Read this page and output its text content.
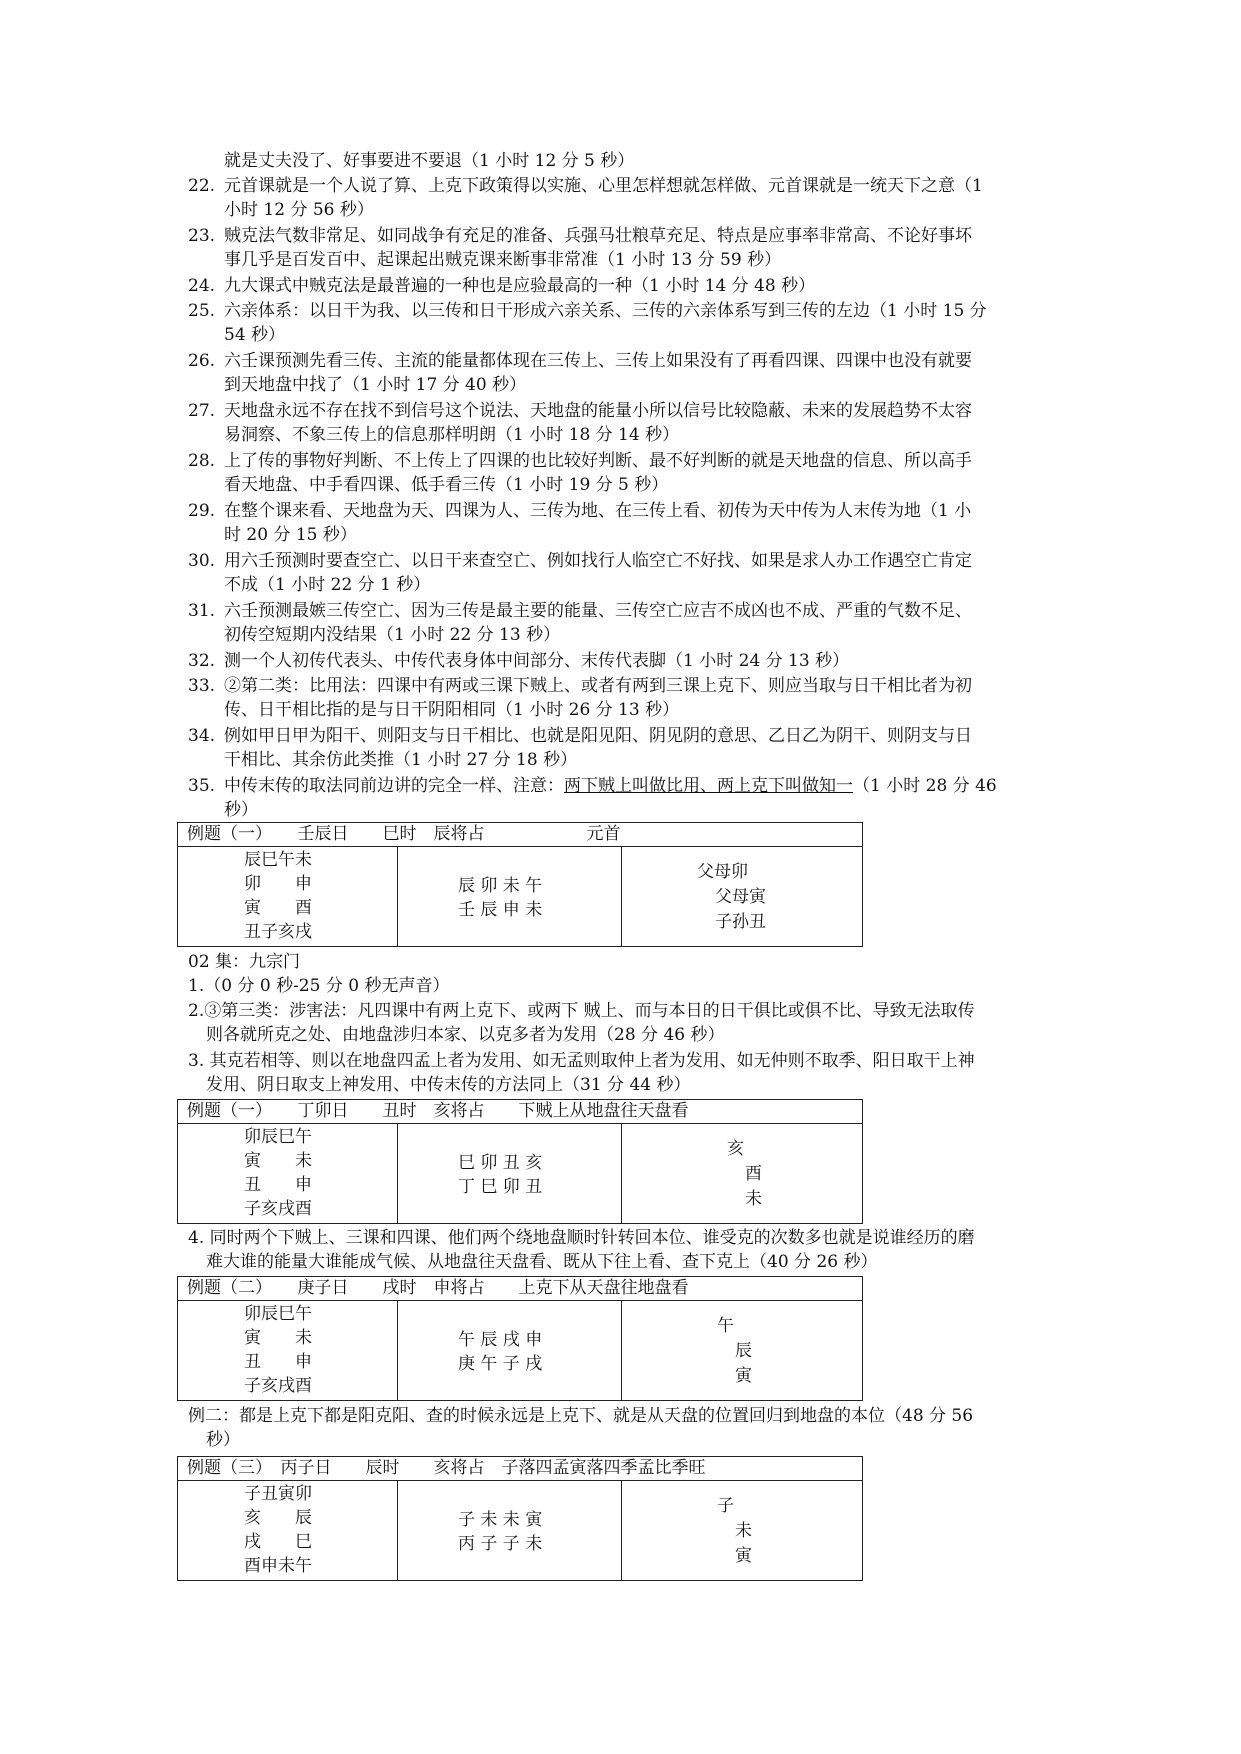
就是丈夫没了、好事要进不要退（1 小时 12 分 5 秒）
22. 元首课就是一个人说了算、上克下政策得以实施、心里怎样想就怎样做、元首课就是一统天下之意（1
小时 12 分 56 秒）
23. 贼克法气数非常足、如同战争有充足的准备、兵强马壮粮草充足、特点是应事率非常高、不论好事坏
事几乎是百发百中、起课起出贼克课来断事非常准（1 小时 13 分 59 秒）
24. 九大课式中贼克法是最普遍的一种也是应验最高的一种（1 小时 14 分 48 秒）
25. 六亲体系：以日干为我、以三传和日干形成六亲关系、三传的六亲体系写到三传的左边（1 小时 15 分
54 秒）
26. 六壬课预测先看三传、主流的能量都体现在三传上、三传上如果没有了再看四课、四课中也没有就要
到天地盘中找了（1 小时 17 分 40 秒）
27. 天地盘永远不存在找不到信号这个说法、天地盘的能量小所以信号比较隐蔽、未来的发展趋势不太容
易洞察、不象三传上的信息那样明朗（1 小时 18 分 14 秒）
28. 上了传的事物好判断、不上传上了四课的也比较好判断、最不好判断的就是天地盘的信息、所以高手
看天地盘、中手看四课、低手看三传（1 小时 19 分 5 秒）
29. 在整个课来看、天地盘为天、四课为人、三传为地、在三传上看、初传为天中传为人末传为地（1 小
时 20 分 15 秒）
30. 用六壬预测时要查空亡、以日干来查空亡、例如找行人临空亡不好找、如果是求人办工作遇空亡肯定
不成（1 小时 22 分 1 秒）
31. 六壬预测最嫉三传空亡、因为三传是最主要的能量、三传空亡应吉不成凶也不成、严重的气数不足、
初传空短期内没结果（1 小时 22 分 13 秒）
32. 测一个人初传代表头、中传代表身体中间部分、末传代表脚（1 小时 24 分 13 秒）
33. ②第二类：比用法：四课中有两或三课下贼上、或者有两到三课上克下、则应当取与日干相比者为初
传、日干相比指的是与日干阴阳相同（1 小时 26 分 13 秒）
34. 例如甲日甲为阳干、则阳支与日干相比、也就是阳见阳、阴见阴的意思、乙日乙为阴干、则阴支与日
干相比、其余仿此类推（1 小时 27 分 18 秒）
35. 中传末传的取法同前边讲的完全一样、注意：两下贼上叫做比用、两上克下叫做知一（1 小时 28 分 46
秒）
例题（一）　　壬辰日　　巳时　辰将占　　　　　　元首
辰巳午未
卯　　申
寅　　酉
丑子亥戌
辰 卯 未 午
壬 辰 申 未
父母卯
父母寅
子孙丑
02 集：九宗门
1.（0 分 0 秒-25 分 0 秒无声音）
2.③第三类：涉害法：凡四课中有两上克下、或两下 贼上、而与本日的日干俱比或俱不比、导致无法取传
则各就所克之处、由地盘涉归本家、以克多者为发用（28 分 46 秒）
3. 其克若相等、则以在地盘四孟上者为发用、如无孟则取仲上者为发用、如无仲则不取季、阳日取干上神
发用、阴日取支上神发用、中传末传的方法同上（31 分 44 秒）
例题（一）　　丁卯日　　丑时　亥将占　　下贼上从地盘往天盘看
卯辰巳午
寅　　未
丑　　申
子亥戌酉
巳 卯 丑 亥
丁 巳 卯 丑
亥
酉
未
4. 同时两个下贼上、三课和四课、他们两个绕地盘顺时针转回本位、谁受克的次数多也就是说谁经历的磨
难大谁的能量大谁能成气候、从地盘往天盘看、既从下往上看、查下克上（40 分 26 秒）
例题（二）　　庚子日　　戌时　申将占　　上克下从天盘往地盘看
卯辰巳午
寅　　未
丑　　申
子亥戌酉
午 辰 戌 申
庚 午 子 戌
午
辰
寅
例二：都是上克下都是阳克阳、查的时候永远是上克下、就是从天盘的位置回归到地盘的本位（48 分 56
秒）
例题（三）　丙子日　　辰时　　亥将占　子落四孟寅落四季孟比季旺
子丑寅卯
亥　　辰
戌　　巳
酉申未午
子 未 未 寅
丙 子 子 未
子
未
寅
